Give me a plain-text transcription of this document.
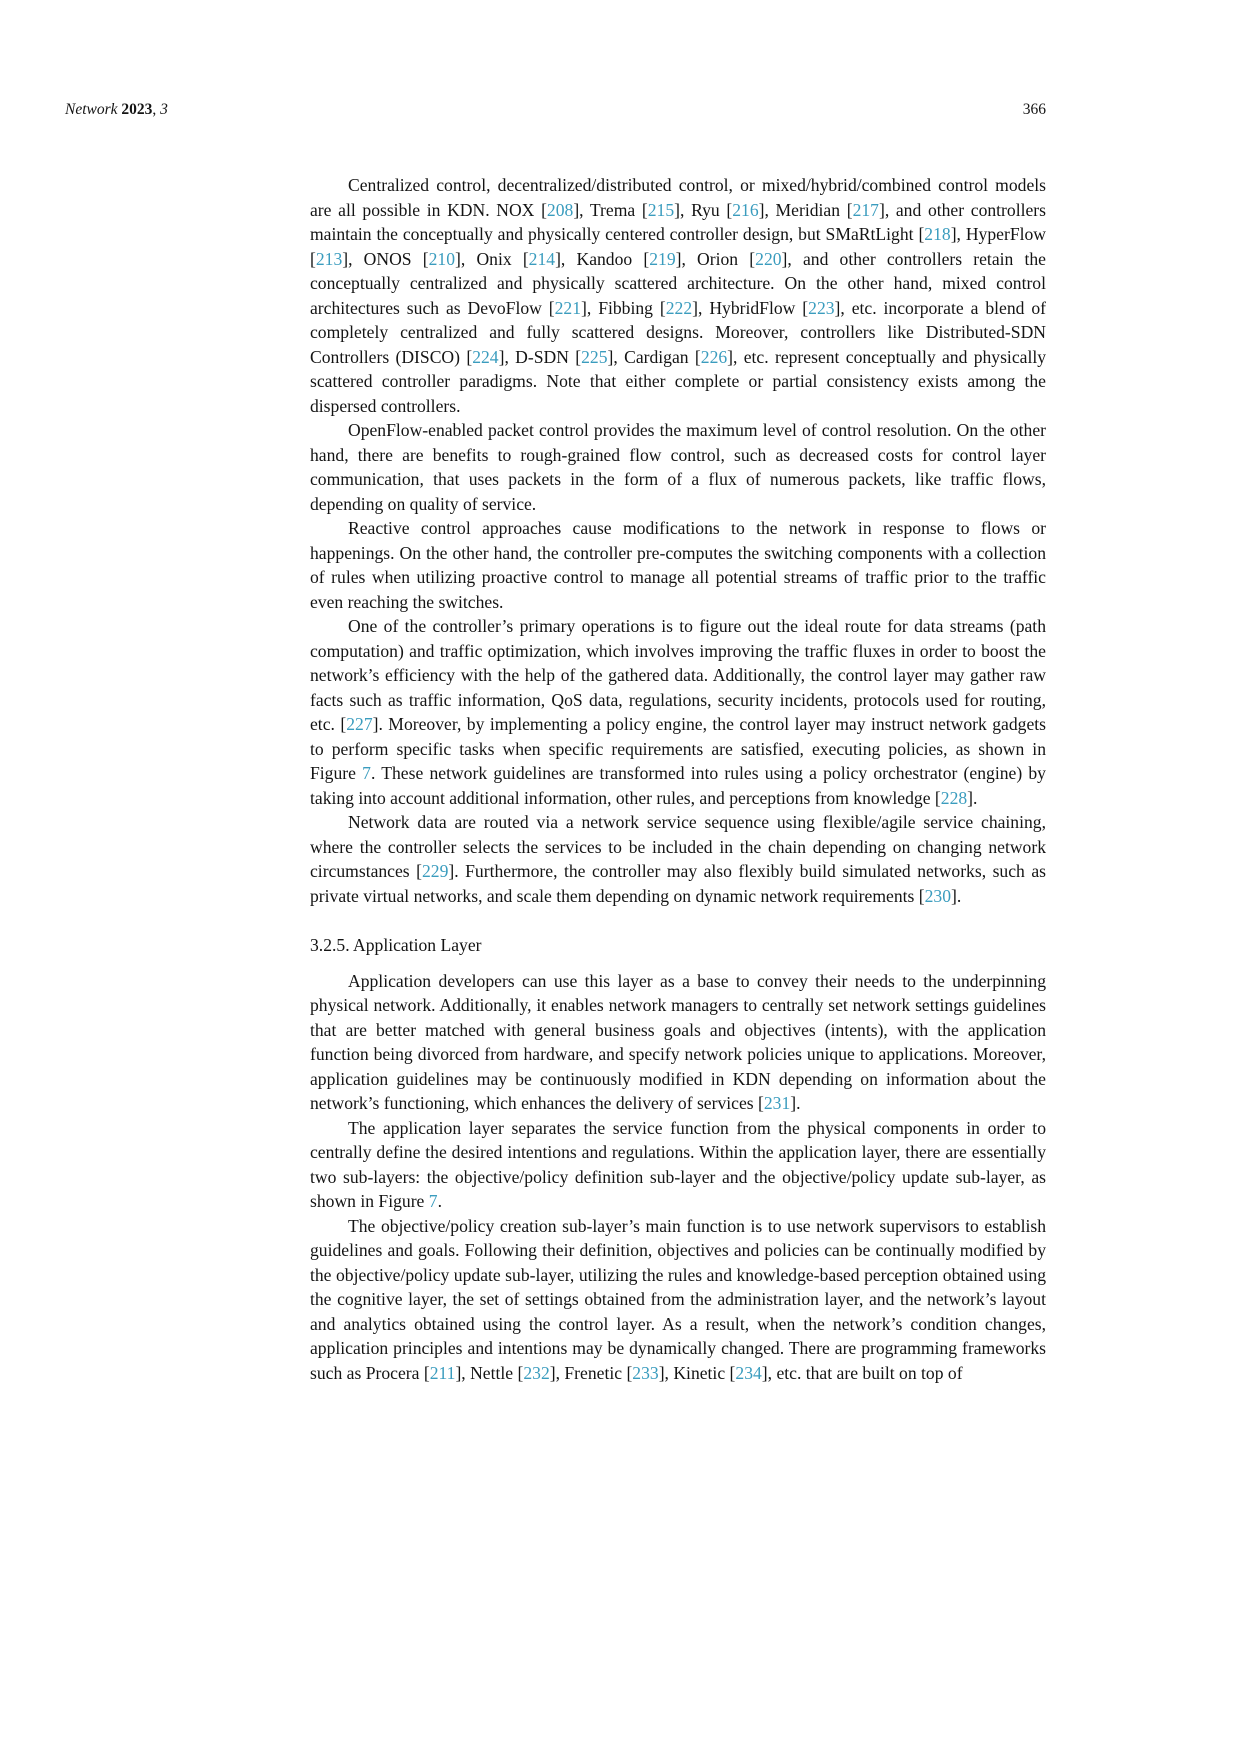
Network 2023, 3	366

Centralized control, decentralized/distributed control, or mixed/hybrid/combined control models are all possible in KDN. NOX [208], Trema [215], Ryu [216], Meridian [217], and other controllers maintain the conceptually and physically centered controller design, but SMaRtLight [218], HyperFlow [213], ONOS [210], Onix [214], Kandoo [219], Orion [220], and other controllers retain the conceptually centralized and physically scattered architecture. On the other hand, mixed control architectures such as DevoFlow [221], Fibbing [222], HybridFlow [223], etc. incorporate a blend of completely centralized and fully scattered designs. Moreover, controllers like Distributed-SDN Controllers (DISCO) [224], D-SDN [225], Cardigan [226], etc. represent conceptually and physically scattered controller paradigms. Note that either complete or partial consistency exists among the dispersed controllers.

OpenFlow-enabled packet control provides the maximum level of control resolution. On the other hand, there are benefits to rough-grained flow control, such as decreased costs for control layer communication, that uses packets in the form of a flux of numerous packets, like traffic flows, depending on quality of service.

Reactive control approaches cause modifications to the network in response to flows or happenings. On the other hand, the controller pre-computes the switching components with a collection of rules when utilizing proactive control to manage all potential streams of traffic prior to the traffic even reaching the switches.

One of the controller’s primary operations is to figure out the ideal route for data streams (path computation) and traffic optimization, which involves improving the traffic fluxes in order to boost the network’s efficiency with the help of the gathered data. Additionally, the control layer may gather raw facts such as traffic information, QoS data, regulations, security incidents, protocols used for routing, etc. [227]. Moreover, by implementing a policy engine, the control layer may instruct network gadgets to perform specific tasks when specific requirements are satisfied, executing policies, as shown in Figure 7. These network guidelines are transformed into rules using a policy orchestrator (engine) by taking into account additional information, other rules, and perceptions from knowledge [228].

Network data are routed via a network service sequence using flexible/agile service chaining, where the controller selects the services to be included in the chain depending on changing network circumstances [229]. Furthermore, the controller may also flexibly build simulated networks, such as private virtual networks, and scale them depending on dynamic network requirements [230].

3.2.5. Application Layer

Application developers can use this layer as a base to convey their needs to the underpinning physical network. Additionally, it enables network managers to centrally set network settings guidelines that are better matched with general business goals and objectives (intents), with the application function being divorced from hardware, and specify network policies unique to applications. Moreover, application guidelines may be continuously modified in KDN depending on information about the network’s functioning, which enhances the delivery of services [231].

The application layer separates the service function from the physical components in order to centrally define the desired intentions and regulations. Within the application layer, there are essentially two sub-layers: the objective/policy definition sub-layer and the objective/policy update sub-layer, as shown in Figure 7.

The objective/policy creation sub-layer’s main function is to use network supervisors to establish guidelines and goals. Following their definition, objectives and policies can be continually modified by the objective/policy update sub-layer, utilizing the rules and knowledge-based perception obtained using the cognitive layer, the set of settings obtained from the administration layer, and the network’s layout and analytics obtained using the control layer. As a result, when the network’s condition changes, application principles and intentions may be dynamically changed. There are programming frameworks such as Procera [211], Nettle [232], Frenetic [233], Kinetic [234], etc. that are built on top of
